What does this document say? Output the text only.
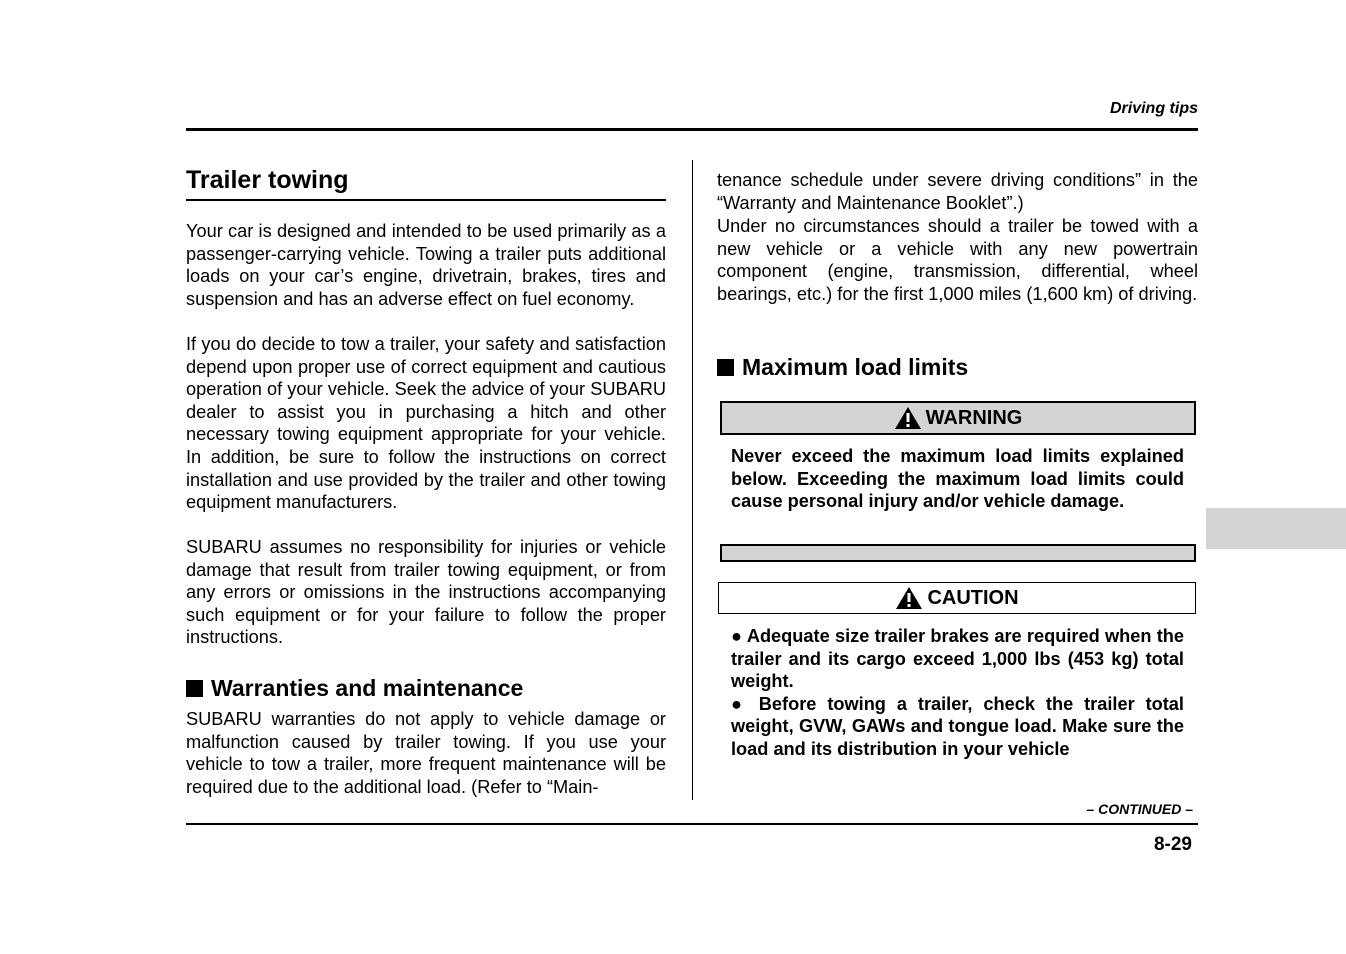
Driving tips
Trailer towing

Your car is designed and intended to be used primarily as a passenger-carrying vehicle. Towing a trailer puts additional loads on your car’s engine, drivetrain, brakes, tires and suspension and has an adverse effect on fuel economy.

If you do decide to tow a trailer, your safety and satisfaction depend upon proper use of correct equipment and cautious operation of your vehicle. Seek the advice of your SUBARU dealer to assist you in purchasing a hitch and other necessary towing equipment appropriate for your vehicle. In addition, be sure to follow the instructions on correct installation and use provided by the trailer and other towing equipment manufacturers.

SUBARU assumes no responsibility for injuries or vehicle damage that result from trailer towing equipment, or from any errors or omissions in the instructions accompanying such equipment or for your failure to follow the proper instructions.

Warranties and maintenance

SUBARU warranties do not apply to vehicle damage or malfunction caused by trailer towing. If you use your vehicle to tow a trailer, more frequent maintenance will be required due to the additional load. (Refer to “Main-

tenance schedule under severe driving conditions” in the “Warranty and Maintenance Booklet”.)

Under no circumstances should a trailer be towed with a new vehicle or a vehicle with any new powertrain component (engine, transmission, differential, wheel bearings, etc.) for the first 1,000 miles (1,600 km) of driving.

Maximum load limits
WARNING

Never exceed the maximum load limits explained below. Exceeding the maximum load limits could cause personal injury and/or vehicle damage.

CAUTION

● Adequate size trailer brakes are required when the trailer and its cargo exceed 1,000 lbs (453 kg) total weight.

● Before towing a trailer, check the trailer total weight, GVW, GAWs and tongue load. Make sure the load and its distribution in your vehicle

– CONTINUED –
8-29
